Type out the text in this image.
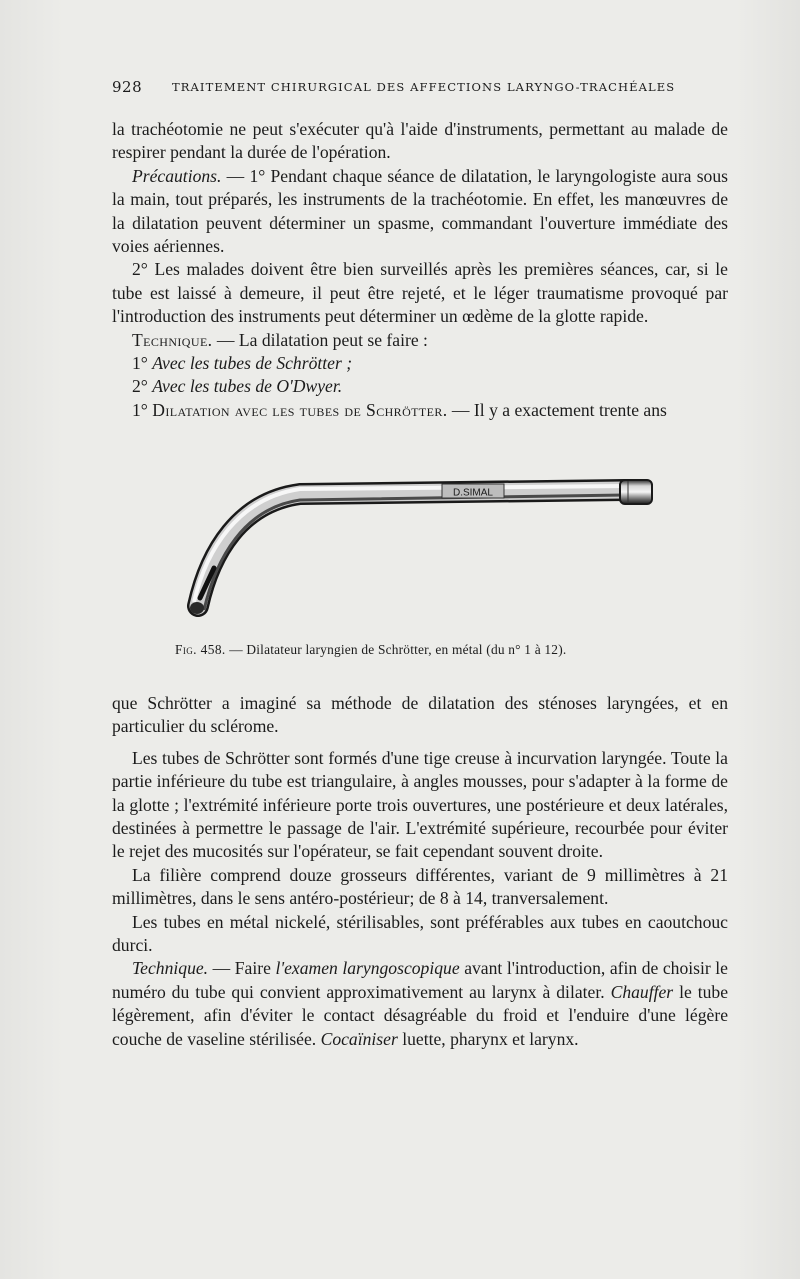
928	TRAITEMENT CHIRURGICAL DES AFFECTIONS LARYNGO-TRACHÉALES

la trachéotomie ne peut s'exécuter qu'à l'aide d'instruments, permettant au malade de respirer pendant la durée de l'opération.

Précautions. — 1° Pendant chaque séance de dilatation, le laryngologiste aura sous la main, tout préparés, les instruments de la trachéotomie. En effet, les manœuvres de la dilatation peuvent déterminer un spasme, commandant l'ouverture immédiate des voies aériennes.

2° Les malades doivent être bien surveillés après les premières séances, car, si le tube est laissé à demeure, il peut être rejeté, et le léger traumatisme provoqué par l'introduction des instruments peut déterminer un œdème de la glotte rapide.

Technique. — La dilatation peut se faire :

1° Avec les tubes de Schrötter ;

2° Avec les tubes de O'Dwyer.

1° Dilatation avec les tubes de Schrötter. — Il y a exactement trente ans

D.SIMAL
Fig. 458. — Dilatateur laryngien de Schrötter, en métal (du n° 1 à 12).

que Schrötter a imaginé sa méthode de dilatation des sténoses laryngées, et en particulier du sclérome.

Les tubes de Schrötter sont formés d'une tige creuse à incurvation laryngée. Toute la partie inférieure du tube est triangulaire, à angles mousses, pour s'adapter à la forme de la glotte ; l'extrémité inférieure porte trois ouvertures, une postérieure et deux latérales, destinées à permettre le passage de l'air. L'extrémité supérieure, recourbée pour éviter le rejet des mucosités sur l'opérateur, se fait cependant souvent droite.

La filière comprend douze grosseurs différentes, variant de 9 millimètres à 21 millimètres, dans le sens antéro-postérieur; de 8 à 14, tranversalement.

Les tubes en métal nickelé, stérilisables, sont préférables aux tubes en caoutchouc durci.

Technique. — Faire l'examen laryngoscopique avant l'introduction, afin de choisir le numéro du tube qui convient approximativement au larynx à dilater. Chauffer le tube légèrement, afin d'éviter le contact désagréable du froid et l'enduire d'une légère couche de vaseline stérilisée. Cocaïniser luette, pharynx et larynx.
